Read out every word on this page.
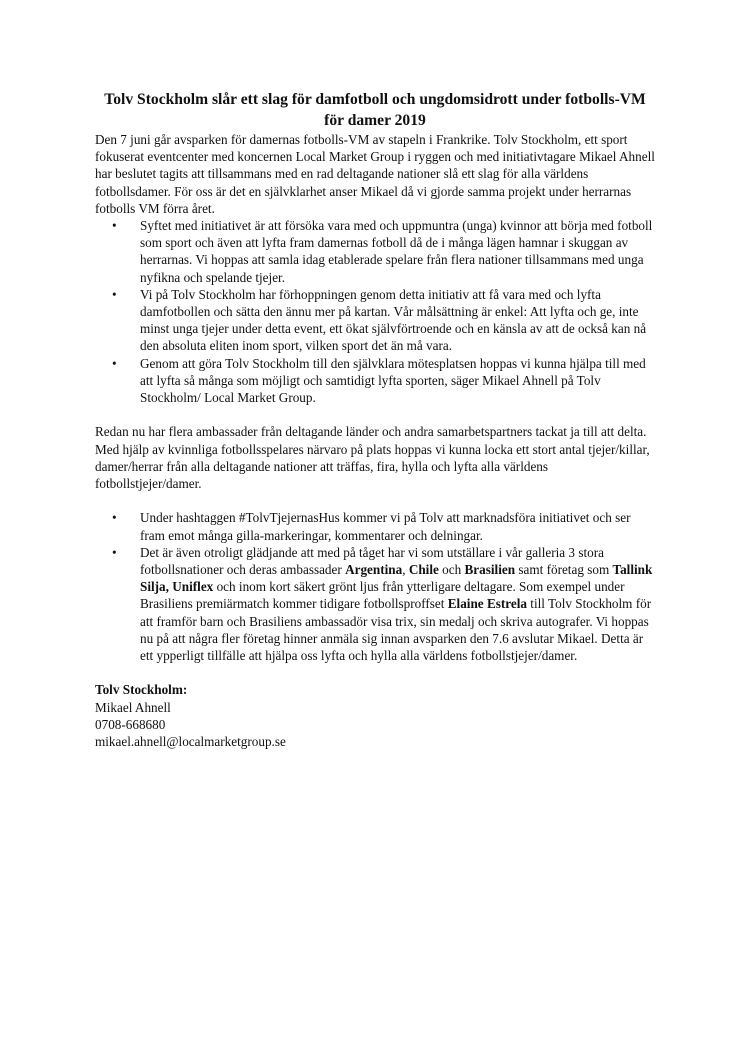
Tolv Stockholm slår ett slag för damfotboll och ungdomsidrott under fotbolls-VM för damer 2019

Den 7 juni går avsparken för damernas fotbolls-VM av stapeln i Frankrike. Tolv Stockholm, ett sport fokuserat eventcenter med koncernen Local Market Group i ryggen och med initiativtagare Mikael Ahnell har beslutet tagits att tillsammans med en rad deltagande nationer slå ett slag för alla världens fotbollsdamer. För oss är det en självklarhet anser Mikael då vi gjorde samma projekt under herrarnas fotbolls VM förra året.

• Syftet med initiativet är att försöka vara med och uppmuntra (unga) kvinnor att börja med fotboll som sport och även att lyfta fram damernas fotboll då de i många lägen hamnar i skuggan av herrarnas. Vi hoppas att samla idag etablerade spelare från flera nationer tillsammans med unga nyfikna och spelande tjejer.
• Vi på Tolv Stockholm har förhoppningen genom detta initiativ att få vara med och lyfta damfotbollen och sätta den ännu mer på kartan. Vår målsättning är enkel: Att lyfta och ge, inte minst unga tjejer under detta event, ett ökat självförtroende och en känsla av att de också kan nå den absoluta eliten inom sport, vilken sport det än må vara.
• Genom att göra Tolv Stockholm till den självklara mötesplatsen hoppas vi kunna hjälpa till med att lyfta så många som möjligt och samtidigt lyfta sporten, säger Mikael Ahnell på Tolv Stockholm/ Local Market Group.

Redan nu har flera ambassader från deltagande länder och andra samarbetspartners tackat ja till att delta. Med hjälp av kvinnliga fotbollsspelares närvaro på plats hoppas vi kunna locka ett stort antal tjejer/killar, damer/herrar från alla deltagande nationer att träffas, fira, hylla och lyfta alla världens fotbollstjejer/damer.

• Under hashtaggen #TolvTjejernasHus kommer vi på Tolv att marknadsföra initiativet och ser fram emot många gilla-markeringar, kommentarer och delningar.
• Det är även otroligt glädjande att med på tåget har vi som utställare i vår galleria 3 stora fotbollsnationer och deras ambassader Argentina, Chile och Brasilien samt företag som Tallink Silja, Uniflex och inom kort säkert grönt ljus från ytterligare deltagare. Som exempel under Brasiliens premiärmatch kommer tidigare fotbollsproffset Elaine Estrela till Tolv Stockholm för att framför barn och Brasiliens ambassadör visa trix, sin medalj och skriva autografer. Vi hoppas nu på att några fler företag hinner anmäla sig innan avsparken den 7.6 avslutar Mikael. Detta är ett ypperligt tillfälle att hjälpa oss lyfta och hylla alla världens fotbollstjejer/damer.
Tolv Stockholm:
Mikael Ahnell
0708-668680
mikael.ahnell@localmarketgroup.se
